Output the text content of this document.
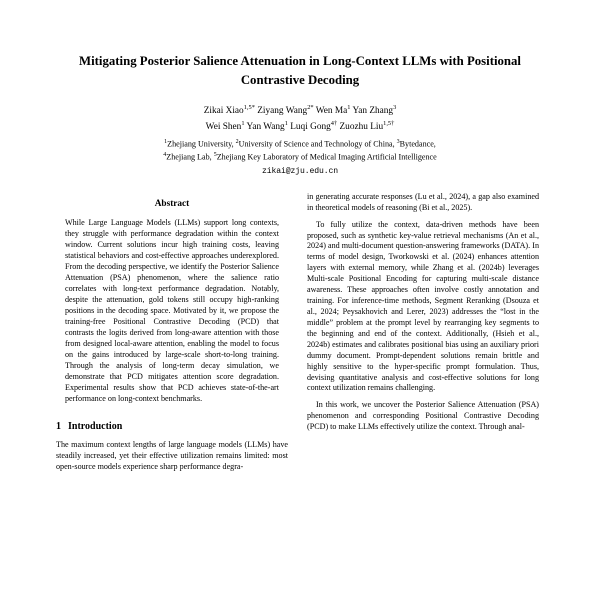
Mitigating Posterior Salience Attenuation in Long-Context LLMs with Positional Contrastive Decoding
Zikai Xiao$^{1,5*}$ Ziyang Wang$^{2*}$ Wen Ma$^1$ Yan Zhang$^3$
Wei Shen$^1$ Yan Wang$^1$ Luqi Gong$^{4\dagger}$ Zuozhu Liu$^{1,5\dagger}$
$^1$Zhejiang University, $^2$University of Science and Technology of China, $^3$Bytedance,
$^4$Zhejiang Lab, $^5$Zhejiang Key Laboratory of Medical Imaging Artificial Intelligence
zikai@zju.edu.cn
Abstract
While Large Language Models (LLMs) support long contexts, they struggle with performance degradation within the context window. Current solutions incur high training costs, leaving statistical behaviors and cost-effective approaches underexplored. From the decoding perspective, we identify the Posterior Salience Attenuation (PSA) phenomenon, where the salience ratio correlates with long-text performance degradation. Notably, despite the attenuation, gold tokens still occupy high-ranking positions in the decoding space. Motivated by it, we propose the training-free Positional Contrastive Decoding (PCD) that contrasts the logits derived from long-aware attention with those from designed local-aware attention, enabling the model to focus on the gains introduced by large-scale short-to-long training. Through the analysis of long-term decay simulation, we demonstrate that PCD mitigates attention score degradation. Experimental results show that PCD achieves state-of-the-art performance on long-context benchmarks.
1 Introduction

The maximum context lengths of large language models (LLMs) have steadily increased, yet their effective utilization remains limited: most open-source models experience sharp performance degra-

in generating accurate responses (Lu et al., 2024), a gap also examined in theoretical models of reasoning (Bi et al., 2025).

To fully utilize the context, data-driven methods have been proposed, such as synthetic key-value retrieval mechanisms (An et al., 2024) and multi-document question-answering frameworks (DATA). In terms of model design, Tworkowski et al. (2024) enhances attention layers with external memory, while Zhang et al. (2024b) leverages Multi-scale Positional Encoding for capturing multi-scale distance awareness. These approaches often involve costly annotation and training. For inference-time methods, Segment Reranking (Dsouza et al., 2024; Peysakhovich and Lerer, 2023) addresses the “lost in the middle” problem at the prompt level by rearranging key segments to the beginning and end of the context. Additionally, (Hsieh et al., 2024b) estimates and calibrates positional bias using an auxiliary priori dummy document. Prompt-dependent solutions remain brittle and highly sensitive to the hyper-specific prompt formulation. Thus, devising quantitative analysis and cost-effective solutions for long context utilization remains challenging.

In this work, we uncover the Posterior Salience Attenuation (PSA) phenomenon and corresponding Positional Contrastive Decoding (PCD) to make LLMs effectively utilize the context. Through anal-
